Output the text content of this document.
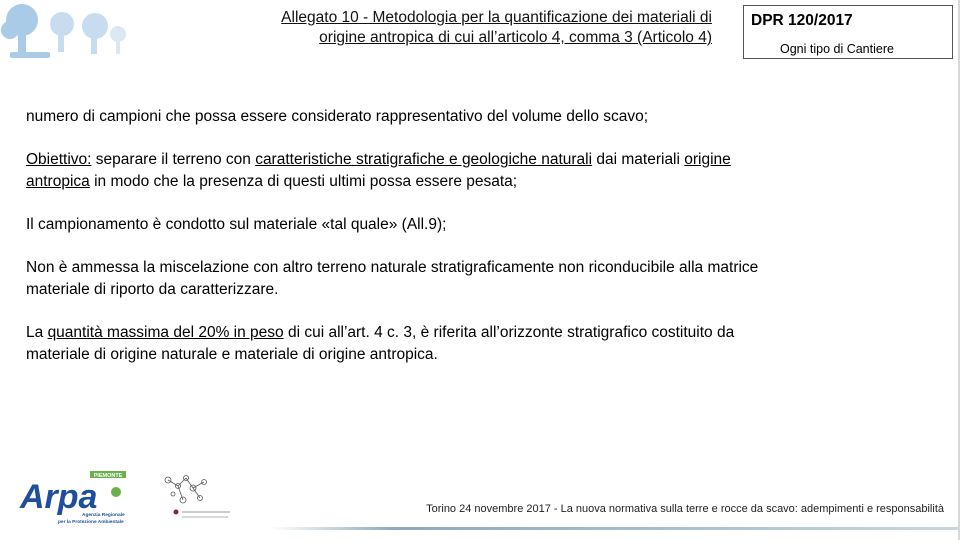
Allegato 10 - Metodologia per la quantificazione dei materiali di
origine antropica di cui all’articolo 4, comma 3 (Articolo 4)
DPR 120/2017
Ogni tipo di Cantiere

numero di campioni che possa essere considerato rappresentativo del volume dello scavo;

Obiettivo: separare il terreno con caratteristiche stratigrafiche e geologiche naturali dai materiali origine
antropica in modo che la presenza di questi ultimi possa essere pesata;

Il campionamento è condotto sul materiale «tal quale» (All.9);

Non è ammessa la miscelazione con altro terreno naturale stratigraficamente non riconducibile alla matrice
materiale di riporto da caratterizzare.

La quantità massima del 20% in peso di cui all’art. 4 c. 3, è riferita all’orizzonte stratigrafico costituito da
materiale di origine naturale e materiale di origine antropica.

PIEMONTE
Arpa
Agenzia Regionale
per la Protezione Ambientale
Torino 24 novembre 2017 - La nuova normativa sulla terre e rocce da scavo: adempimenti e responsabilità
